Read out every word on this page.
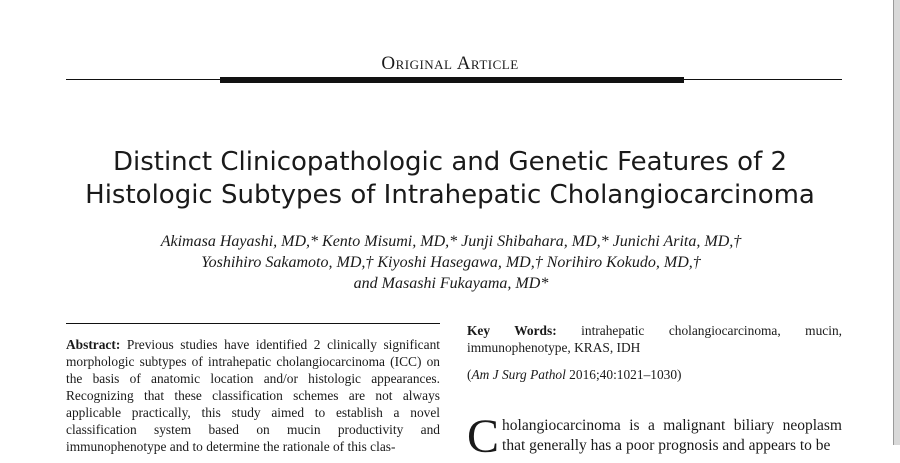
Original Article
Distinct Clinicopathologic and Genetic Features of 2
Histologic Subtypes of Intrahepatic Cholangiocarcinoma
Akimasa Hayashi, MD,* Kento Misumi, MD,* Junji Shibahara, MD,* Junichi Arita, MD,†
Yoshihiro Sakamoto, MD,† Kiyoshi Hasegawa, MD,† Norihiro Kokudo, MD,†
and Masashi Fukayama, MD*

Abstract: Previous studies have identified 2 clinically significant morphologic subtypes of intrahepatic cholangiocarcinoma (ICC) on the basis of anatomic location and/or histologic appearances. Recognizing that these classification schemes are not always applicable practically, this study aimed to establish a novel classification system based on mucin productivity and immunophenotype and to determine the rationale of this clas-

Key Words: intrahepatic cholangiocarcinoma, mucin, immunophenotype, KRAS, IDH

(Am J Surg Pathol 2016;40:1021–1030)
Cholangiocarcinoma is a malignant biliary neoplasm that generally has a poor prognosis and appears to be
